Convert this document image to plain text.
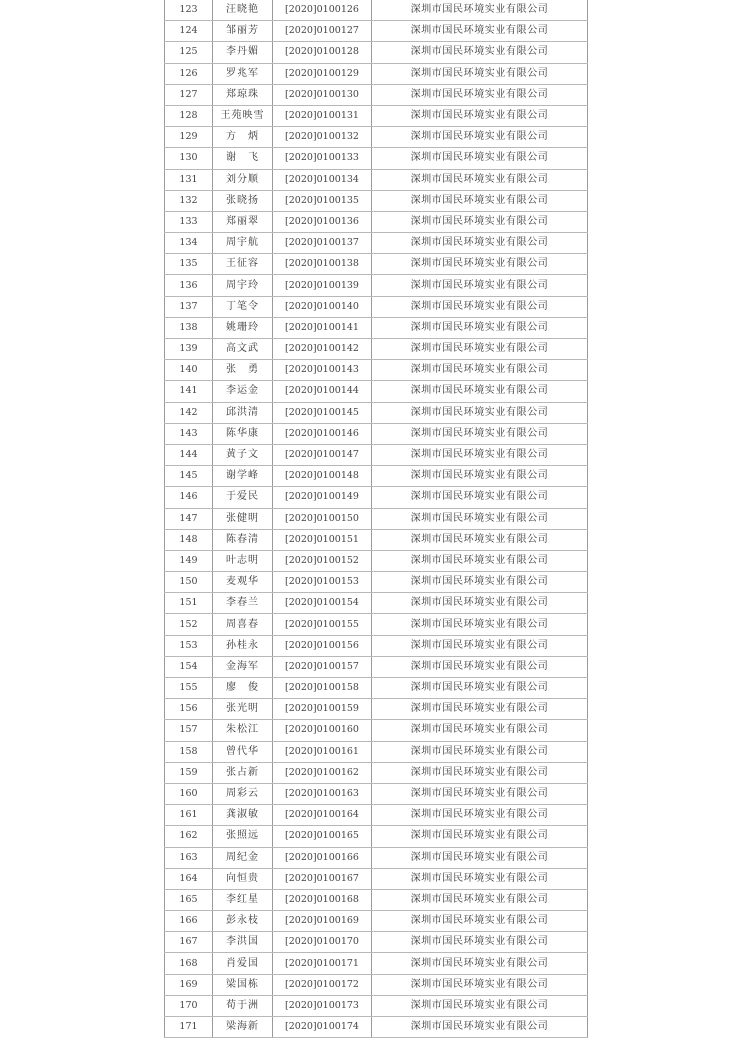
123	汪晓艳	[2020]0100126	深圳市国民环境实业有限公司
124	邹丽芳	[2020]0100127	深圳市国民环境实业有限公司
125	李丹媚	[2020]0100128	深圳市国民环境实业有限公司
126	罗兆军	[2020]0100129	深圳市国民环境实业有限公司
127	郑琼珠	[2020]0100130	深圳市国民环境实业有限公司
128	王苑映雪	[2020]0100131	深圳市国民环境实业有限公司
129	方　炳	[2020]0100132	深圳市国民环境实业有限公司
130	谢　飞	[2020]0100133	深圳市国民环境实业有限公司
131	刘分顺	[2020]0100134	深圳市国民环境实业有限公司
132	张晓扬	[2020]0100135	深圳市国民环境实业有限公司
133	郑丽翠	[2020]0100136	深圳市国民环境实业有限公司
134	周宇航	[2020]0100137	深圳市国民环境实业有限公司
135	王征容	[2020]0100138	深圳市国民环境实业有限公司
136	周宇玲	[2020]0100139	深圳市国民环境实业有限公司
137	丁笔令	[2020]0100140	深圳市国民环境实业有限公司
138	姚珊玲	[2020]0100141	深圳市国民环境实业有限公司
139	高文武	[2020]0100142	深圳市国民环境实业有限公司
140	张　勇	[2020]0100143	深圳市国民环境实业有限公司
141	李运金	[2020]0100144	深圳市国民环境实业有限公司
142	邱洪清	[2020]0100145	深圳市国民环境实业有限公司
143	陈华康	[2020]0100146	深圳市国民环境实业有限公司
144	黄子文	[2020]0100147	深圳市国民环境实业有限公司
145	谢学峰	[2020]0100148	深圳市国民环境实业有限公司
146	于爱民	[2020]0100149	深圳市国民环境实业有限公司
147	张健明	[2020]0100150	深圳市国民环境实业有限公司
148	陈春清	[2020]0100151	深圳市国民环境实业有限公司
149	叶志明	[2020]0100152	深圳市国民环境实业有限公司
150	麦观华	[2020]0100153	深圳市国民环境实业有限公司
151	李春兰	[2020]0100154	深圳市国民环境实业有限公司
152	周喜春	[2020]0100155	深圳市国民环境实业有限公司
153	孙桂永	[2020]0100156	深圳市国民环境实业有限公司
154	金海军	[2020]0100157	深圳市国民环境实业有限公司
155	廖　俊	[2020]0100158	深圳市国民环境实业有限公司
156	张光明	[2020]0100159	深圳市国民环境实业有限公司
157	朱松江	[2020]0100160	深圳市国民环境实业有限公司
158	曾代华	[2020]0100161	深圳市国民环境实业有限公司
159	张占新	[2020]0100162	深圳市国民环境实业有限公司
160	周彩云	[2020]0100163	深圳市国民环境实业有限公司
161	龚淑敏	[2020]0100164	深圳市国民环境实业有限公司
162	张照远	[2020]0100165	深圳市国民环境实业有限公司
163	周纪金	[2020]0100166	深圳市国民环境实业有限公司
164	向恒贵	[2020]0100167	深圳市国民环境实业有限公司
165	李红星	[2020]0100168	深圳市国民环境实业有限公司
166	彭永枝	[2020]0100169	深圳市国民环境实业有限公司
167	李洪国	[2020]0100170	深圳市国民环境实业有限公司
168	肖爱国	[2020]0100171	深圳市国民环境实业有限公司
169	梁国栋	[2020]0100172	深圳市国民环境实业有限公司
170	荀于洲	[2020]0100173	深圳市国民环境实业有限公司
171	梁海新	[2020]0100174	深圳市国民环境实业有限公司
